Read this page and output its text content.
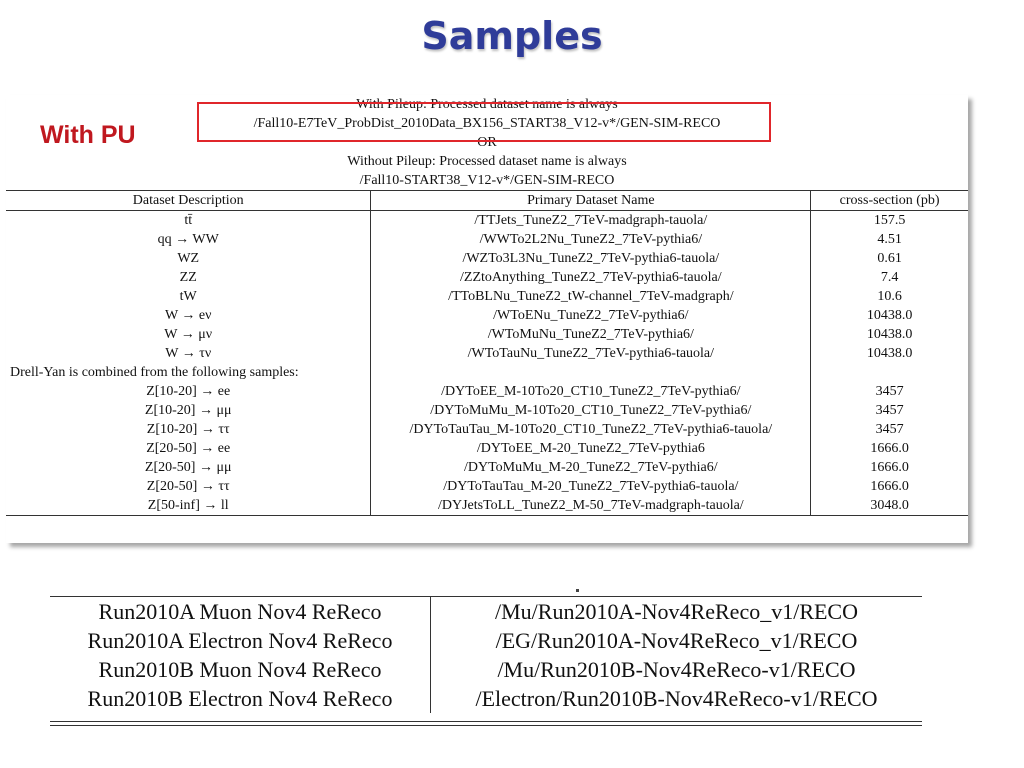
Samples
With Pileup: Processed dataset name is always		
/Fall10-E7TeV_ProbDist_2010Data_BX156_START38_V12-v*/GEN-SIM-RECO		
OR		
Without Pileup: Processed dataset name is always		
/Fall10-START38_V12-v*/GEN-SIM-RECO		
Dataset Description	Primary Dataset Name	cross-section (pb)
tt̄	/TTJets_TuneZ2_7TeV-madgraph-tauola/	157.5
qq → WW	/WWTo2L2Nu_TuneZ2_7TeV-pythia6/	4.51
WZ	/WZTo3L3Nu_TuneZ2_7TeV-pythia6-tauola/	0.61
ZZ	/ZZtoAnything_TuneZ2_7TeV-pythia6-tauola/	7.4
tW	/TToBLNu_TuneZ2_tW-channel_7TeV-madgraph/	10.6
W → eν	/WToENu_TuneZ2_7TeV-pythia6/	10438.0
W → μν	/WToMuNu_TuneZ2_7TeV-pythia6/	10438.0
W → τν	/WToTauNu_TuneZ2_7TeV-pythia6-tauola/	10438.0
Drell-Yan is combined from the following samples:		
Z[10-20] → ee	/DYToEE_M-10To20_CT10_TuneZ2_7TeV-pythia6/	3457
Z[10-20] → μμ	/DYToMuMu_M-10To20_CT10_TuneZ2_7TeV-pythia6/	3457
Z[10-20] → ττ	/DYToTauTau_M-10To20_CT10_TuneZ2_7TeV-pythia6-tauola/	3457
Z[20-50] → ee	/DYToEE_M-20_TuneZ2_7TeV-pythia6	1666.0
Z[20-50] → μμ	/DYToMuMu_M-20_TuneZ2_7TeV-pythia6/	1666.0
Z[20-50] → ττ	/DYToTauTau_M-20_TuneZ2_7TeV-pythia6-tauola/	1666.0
Z[50-inf] → ll	/DYJetsToLL_TuneZ2_M-50_7TeV-madgraph-tauola/	3048.0
With PU
Run2010A Muon Nov4 ReReco	/Mu/Run2010A-Nov4ReReco_v1/RECO
Run2010A Electron Nov4 ReReco	/EG/Run2010A-Nov4ReReco_v1/RECO
Run2010B Muon Nov4 ReReco	/Mu/Run2010B-Nov4ReReco-v1/RECO
Run2010B Electron Nov4 ReReco	/Electron/Run2010B-Nov4ReReco-v1/RECO
